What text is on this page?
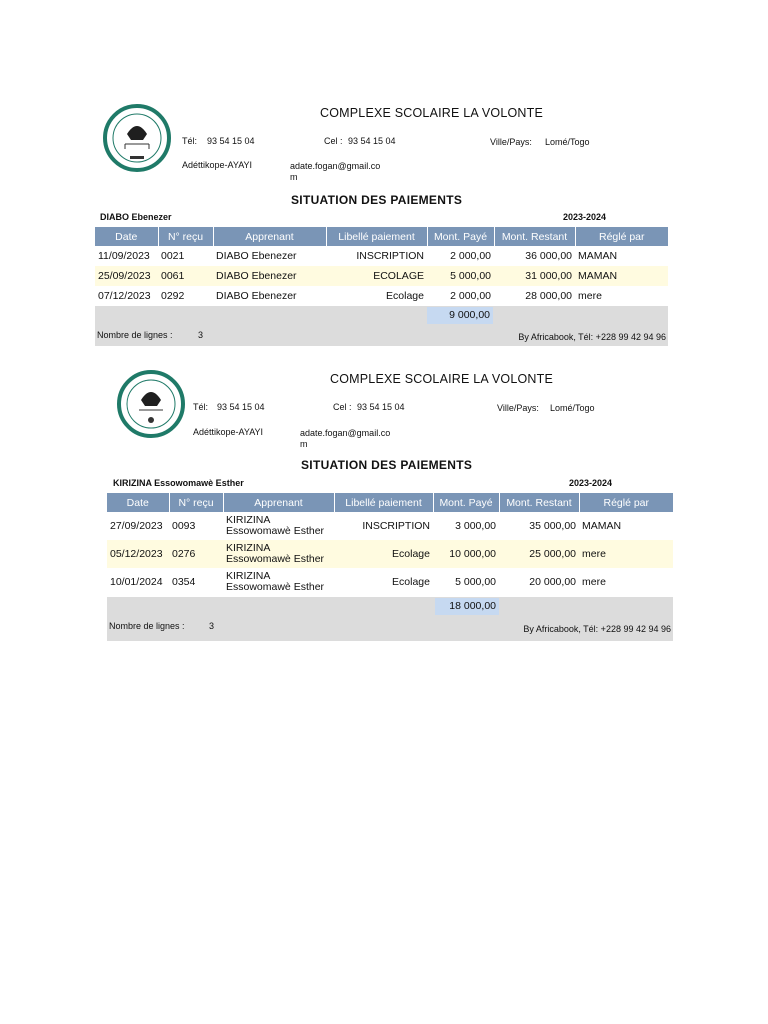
COMPLEXE SCOLAIRE LA VOLONTE
Tél: 93 54 15 04	Cel : 93 54 15 04	Ville/Pays: Lomé/Togo
Adéttikope-AYAYI	adate.fogan@gmail.co
m
SITUATION DES PAIEMENTS
DIABO Ebenezer	2023-2024
Date	N° reçu	Apprenant	Libellé paiement	Mont. Payé	Mont. Restant	Réglé par
11/09/2023	0021	DIABO Ebenezer	INSCRIPTION	2 000,00	36 000,00	MAMAN
25/09/2023	0061	DIABO Ebenezer	ECOLAGE	5 000,00	31 000,00	MAMAN
07/12/2023	0292	DIABO Ebenezer	Ecolage	2 000,00	28 000,00	mere
9 000,00
Nombre de lignes :	3	By Africabook, Tél: +228 99 42 94 96
COMPLEXE SCOLAIRE LA VOLONTE
Tél: 93 54 15 04	Cel : 93 54 15 04	Ville/Pays: Lomé/Togo
Adéttikope-AYAYI	adate.fogan@gmail.co
m
SITUATION DES PAIEMENTS
KIRIZINA Essowomawè Esther	2023-2024
Date	N° reçu	Apprenant	Libellé paiement	Mont. Payé	Mont. Restant	Réglé par
27/09/2023	0093	KIRIZINA
Essowomawè Esther	INSCRIPTION	3 000,00	35 000,00	MAMAN
05/12/2023	0276	KIRIZINA
Essowomawè Esther	Ecolage	10 000,00	25 000,00	mere
10/01/2024	0354	KIRIZINA
Essowomawè Esther	Ecolage	5 000,00	20 000,00	mere
18 000,00
Nombre de lignes :	3	By Africabook, Tél: +228 99 42 94 96
